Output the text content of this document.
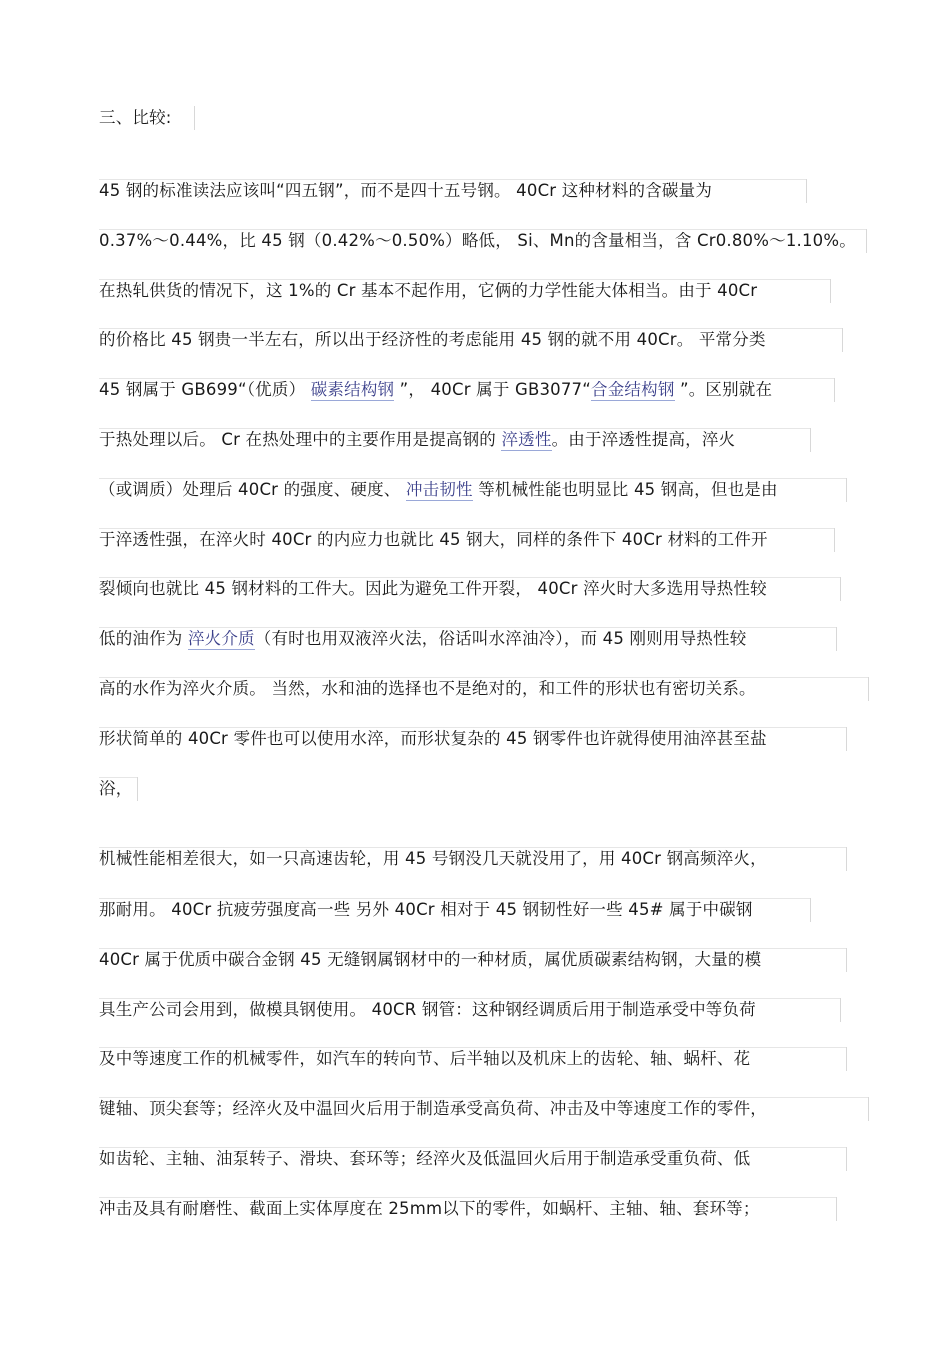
三、比较:
45 钢的标准读法应该叫“四五钢”，而不是四十五号钢。 40Cr 这种材料的含碳量为
0.37%～0.44%，比 45 钢（0.42%～0.50%）略低， Si、Mn的含量相当，含 Cr0.80%～1.10%。
在热轧供货的情况下，这 1%的 Cr 基本不起作用，它俩的力学性能大体相当。由于 40Cr
的价格比 45 钢贵一半左右，所以出于经济性的考虑能用 45 钢的就不用 40Cr。 平常分类
45 钢属于 GB699“（优质） 碳素结构钢 ”， 40Cr 属于 GB3077“合金结构钢 ”。区别就在
于热处理以后。 Cr 在热处理中的主要作用是提高钢的 淬透性。由于淬透性提高，淬火
（或调质）处理后 40Cr 的强度、硬度、 冲击韧性 等机械性能也明显比 45 钢高，但也是由
于淬透性强，在淬火时 40Cr 的内应力也就比 45 钢大，同样的条件下 40Cr 材料的工件开
裂倾向也就比 45 钢材料的工件大。因此为避免工件开裂， 40Cr 淬火时大多选用导热性较
低的油作为 淬火介质（有时也用双液淬火法，俗话叫水淬油冷），而 45 刚则用导热性较
高的水作为淬火介质。 当然，水和油的选择也不是绝对的，和工件的形状也有密切关系。
形状简单的 40Cr 零件也可以使用水淬，而形状复杂的 45 钢零件也许就得使用油淬甚至盐
浴，
机械性能相差很大，如一只高速齿轮，用 45 号钢没几天就没用了，用 40Cr 钢高频淬火，
那耐用。 40Cr 抗疲劳强度高一些 另外 40Cr 相对于 45 钢韧性好一些 45# 属于中碳钢
40Cr 属于优质中碳合金钢 45 无缝钢属钢材中的一种材质，属优质碳素结构钢，大量的模
具生产公司会用到，做模具钢使用。 40CR 钢管：这种钢经调质后用于制造承受中等负荷
及中等速度工作的机械零件，如汽车的转向节、后半轴以及机床上的齿轮、轴、蜗杆、花
键轴、顶尖套等；经淬火及中温回火后用于制造承受高负荷、冲击及中等速度工作的零件，
如齿轮、主轴、油泵转子、滑块、套环等；经淬火及低温回火后用于制造承受重负荷、低
冲击及具有耐磨性、截面上实体厚度在 25mm以下的零件，如蜗杆、主轴、轴、套环等；
